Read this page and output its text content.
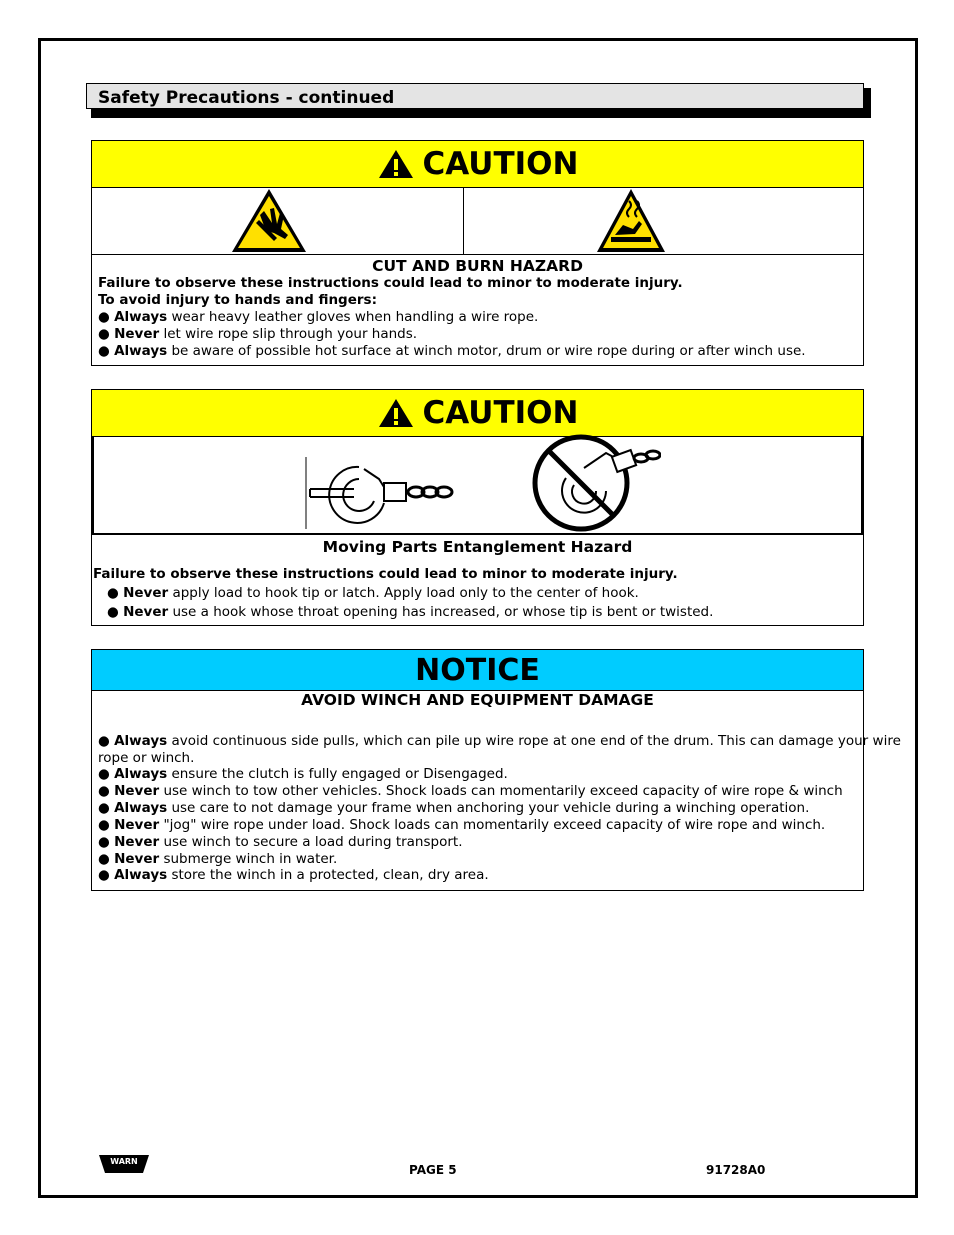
Safety Precautions - continued
CAUTION
CUT AND BURN HAZARD
Failure to observe these instructions could lead to minor to moderate injury.
To avoid injury to hands and fingers:
● Always wear heavy leather gloves when handling a wire rope.
● Never let wire rope slip through your hands.
● Always be aware of possible hot surface at winch motor, drum or wire rope during or after winch use.
CAUTION
Moving Parts Entanglement Hazard
Failure to observe these instructions could lead to minor to moderate injury.
● Never apply load to hook tip or latch. Apply load only to the center of hook.
● Never use a hook whose throat opening has increased, or whose tip is bent or twisted.
NOTICE
AVOID WINCH AND EQUIPMENT DAMAGE
● Always avoid continuous side pulls, which can pile up wire rope at one end of the drum. This can damage your wire
rope or winch.
● Always ensure the clutch is fully engaged or Disengaged.
● Never use winch to tow other vehicles. Shock loads can momentarily exceed capacity of wire rope & winch
● Always use care to not damage your frame when anchoring your vehicle during a winching operation.
● Never "jog" wire rope under load. Shock loads can momentarily exceed capacity of wire rope and winch.
● Never use winch to secure a load during transport.
● Never submerge winch in water.
● Always store the winch in a protected, clean, dry area.
WARN
PAGE 5	91728A0
